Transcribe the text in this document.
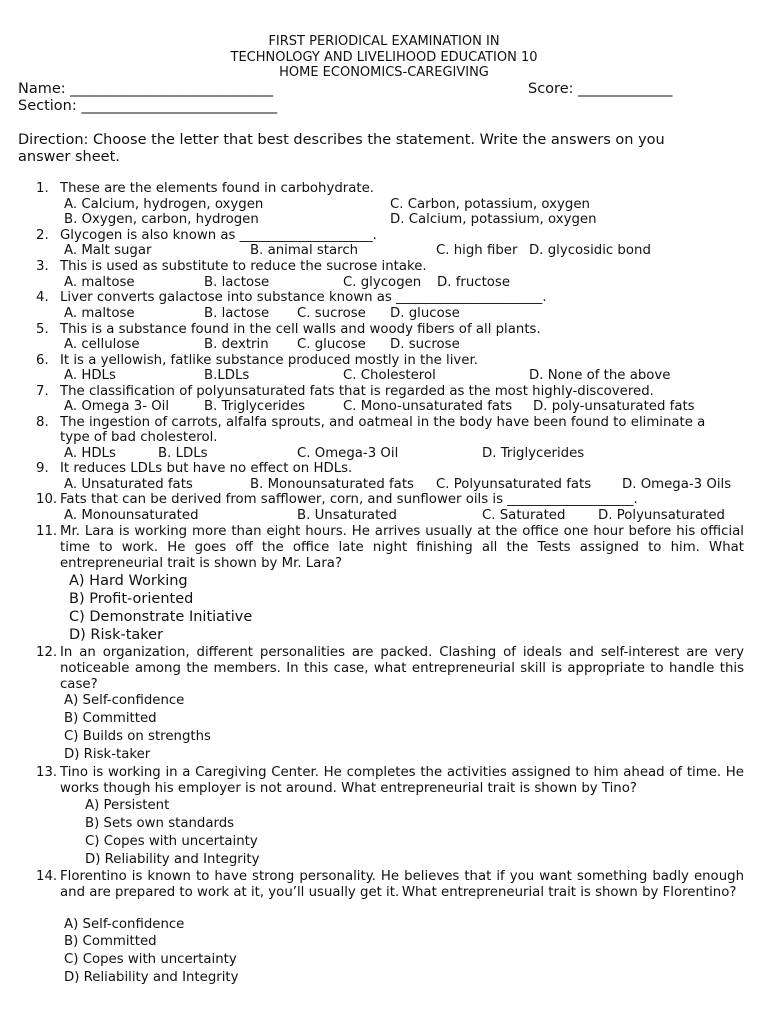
FIRST PERIODICAL EXAMINATION IN
TECHNOLOGY AND LIVELIHOOD EDUCATION 10
HOME ECONOMICS-CAREGIVING
Name: ____________________________	Score: _____________
Section: ___________________________
Direction: Choose the letter that best describes the statement. Write the answers on you
answer sheet.
1. These are the elements found in carbohydrate.
A. Calcium, hydrogen, oxygen	C. Carbon, potassium, oxygen
B. Oxygen, carbon, hydrogen	D. Calcium, potassium, oxygen
2. Glycogen is also known as ____________________.
A. Malt sugar	B. animal starch	C. high fiber D. glycosidic bond
3. This is used as substitute to reduce the sucrose intake.
A. maltose	B. lactose	C. glycogen D. fructose
4. Liver converts galactose into substance known as ______________________.
A. maltose	B. lactose C. sucrose D. glucose
5. This is a substance found in the cell walls and woody fibers of all plants.
A. cellulose	B. dextrin C. glucose D. sucrose
6. It is a yellowish, fatlike substance produced mostly in the liver.
A. HDLs	B.LDLs	C. Cholesterol	D. None of the above
7. The classification of polyunsaturated fats that is regarded as the most highly-discovered.
A. Omega 3- Oil	B. Triglycerides	C. Mono-unsaturated fats D. poly-unsaturated fats
8. The ingestion of carrots, alfalfa sprouts, and oatmeal in the body have been found to eliminate a
type of bad cholesterol.
A. HDLs	B. LDLs	C. Omega-3 Oil	D. Triglycerides
9. It reduces LDLs but have no effect on HDLs.
A. Unsaturated fats	B. Monounsaturated fats C. Polyunsaturated fats D. Omega-3 Oils
10. Fats that can be derived from safflower, corn, and sunflower oils is ___________________.
A. Monounsaturated	B. Unsaturated	C. Saturated D. Polyunsaturated
11. Mr. Lara is working more than eight hours. He arrives usually at the office one hour before his official time to work. He goes off the office late night finishing all the Tests assigned to him. What entrepreneurial trait is shown by Mr. Lara?
A) Hard Working
B) Profit-oriented
C) Demonstrate Initiative
D) Risk-taker
12. In an organization, different personalities are packed. Clashing of ideals and self-interest are very noticeable among the members. In this case, what entrepreneurial skill is appropriate to handle this case?
A) Self-confidence
B) Committed
C) Builds on strengths
D) Risk-taker
13. Tino is working in a Caregiving Center. He completes the activities assigned to him ahead of time. He works though his employer is not around. What entrepreneurial trait is shown by Tino?
A) Persistent
B) Sets own standards
C) Copes with uncertainty
D) Reliability and Integrity
14. Florentino is known to have strong personality. He believes that if you want something badly enough and are prepared to work at it, you’ll usually get it. What entrepreneurial trait is shown by Florentino?
A) Self-confidence
B) Committed
C) Copes with uncertainty
D) Reliability and Integrity
